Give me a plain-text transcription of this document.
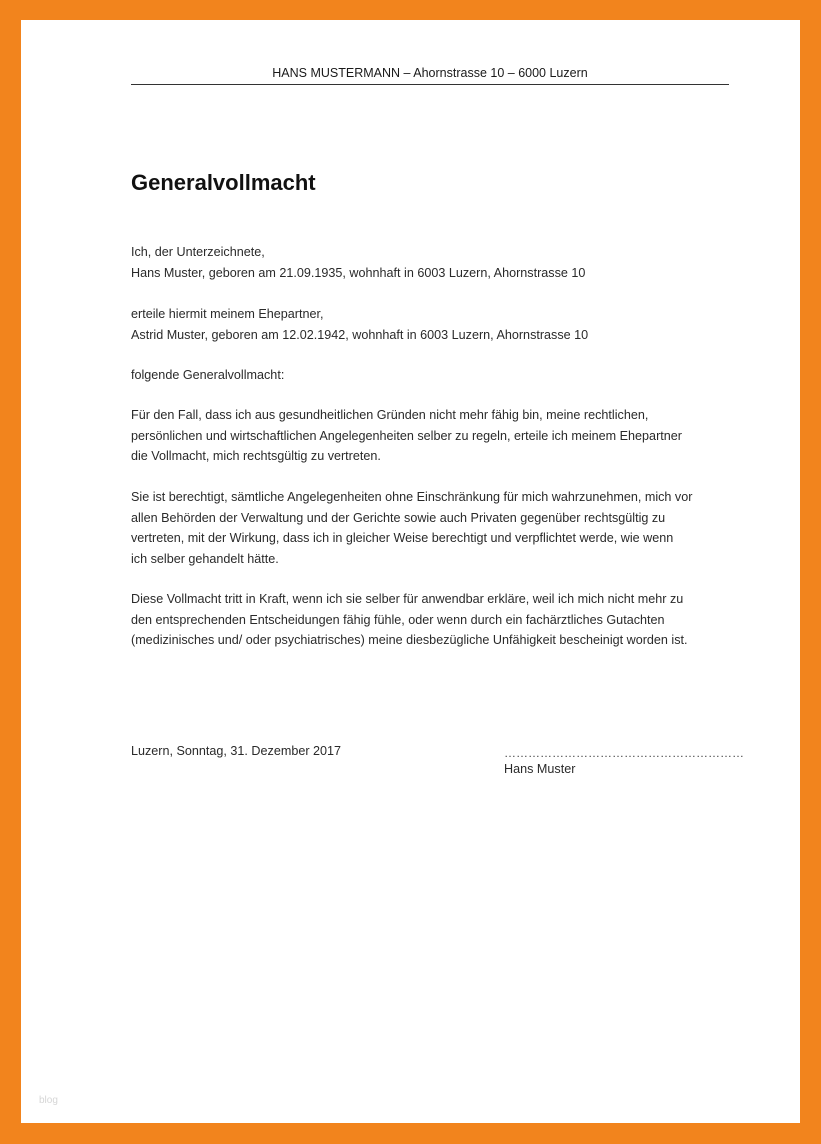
HANS MUSTERMANN – Ahornstrasse 10 – 6000 Luzern
Generalvollmacht

Ich, der Unterzeichnete,

Hans Muster, geboren am 21.09.1935, wohnhaft in 6003 Luzern, Ahornstrasse 10

erteile hiermit meinem Ehepartner,

Astrid Muster, geboren am 12.02.1942, wohnhaft in 6003 Luzern, Ahornstrasse 10

folgende Generalvollmacht:

Für den Fall, dass ich aus gesundheitlichen Gründen nicht mehr fähig bin, meine rechtlichen,

persönlichen und wirtschaftlichen Angelegenheiten selber zu regeln, erteile ich meinem Ehepartner

die Vollmacht, mich rechtsgültig zu vertreten.

Sie ist berechtigt, sämtliche Angelegenheiten ohne Einschränkung für mich wahrzunehmen, mich vor

allen Behörden der Verwaltung und der Gerichte sowie auch Privaten gegenüber rechtsgültig zu

vertreten, mit der Wirkung, dass ich in gleicher Weise berechtigt und verpflichtet werde, wie wenn

ich selber gehandelt hätte.

Diese Vollmacht tritt in Kraft, wenn ich sie selber für anwendbar erkläre, weil ich mich nicht mehr zu

den entsprechenden Entscheidungen fähig fühle, oder wenn durch ein fachärztliches Gutachten

(medizinisches und/ oder psychiatrisches) meine diesbezügliche Unfähigkeit bescheinigt worden ist.

Luzern, Sonntag, 31. Dezember 2017	……………………………………………………
Hans Muster
blog
